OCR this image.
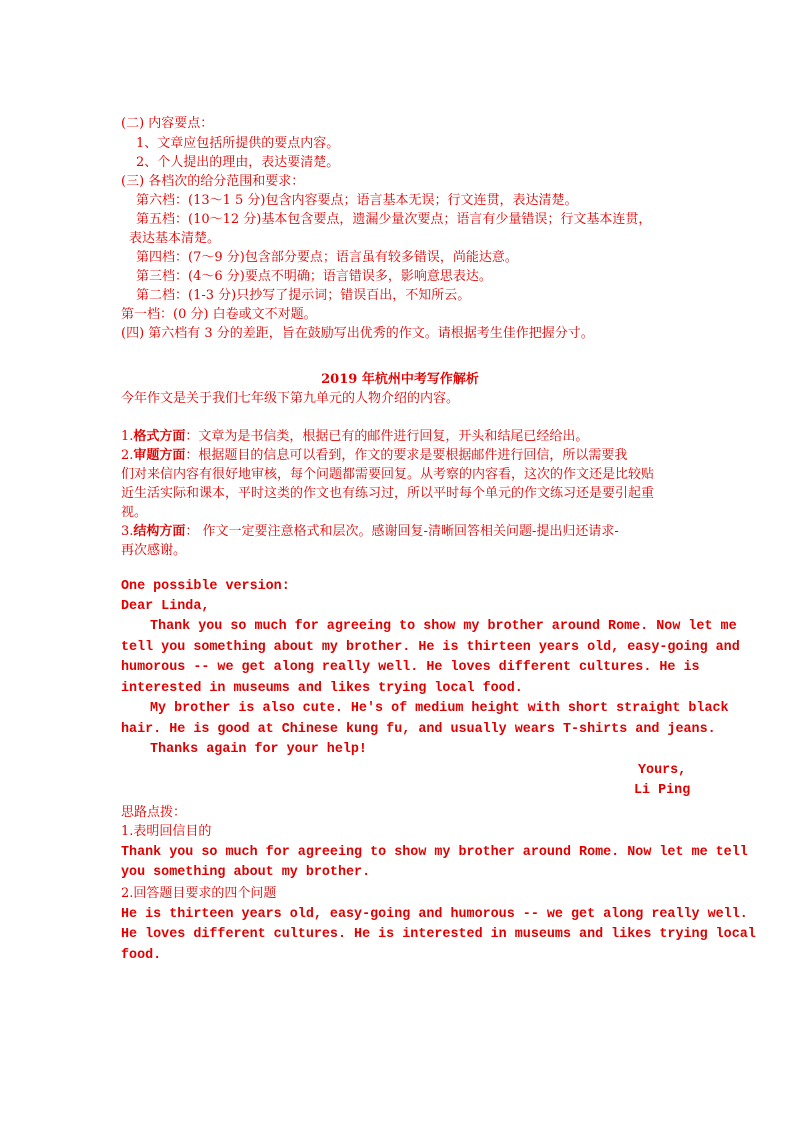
(二) 内容要点：
1、文章应包括所提供的要点内容。
2、个人提出的理由，表达要清楚。
(三) 各档次的给分范围和要求：
第六档：(13～1 5 分)包含内容要点；语言基本无误；行文连贯，表达清楚。
第五档：(10～12 分)基本包含要点，遗漏少量次要点；语言有少量错误；行文基本连贯，
表达基本清楚。
第四档：(7～9 分)包含部分要点；语言虽有较多错误，尚能达意。
第三档：(4～6 分)要点不明确；语言错误多，影响意思表达。
第二档：(1-3 分)只抄写了提示词；错误百出，不知所云。
第一档：(0 分) 白卷或文不对题。
(四) 第六档有 3 分的差距，旨在鼓励写出优秀的作文。请根据考生佳作把握分寸。
2019 年杭州中考写作解析
今年作文是关于我们七年级下第九单元的人物介绍的内容。
1.格式方面：文章为是书信类，根据已有的邮件进行回复，开头和结尾已经给出。
2.审题方面：根据题目的信息可以看到，作文的要求是要根据邮件进行回信，所以需要我
们对来信内容有很好地审核，每个问题都需要回复。从考察的内容看，这次的作文还是比较贴
近生活实际和课本，平时这类的作文也有练习过，所以平时每个单元的作文练习还是要引起重
视。
3.结构方面： 作文一定要注意格式和层次。感谢回复-清晰回答相关问题-提出归还请求-
再次感谢。
One possible version:
Dear Linda,
Thank you so much for agreeing to show my brother around Rome. Now let me
tell you something about my brother. He is thirteen years old, easy-going and
humorous -- we get along really well. He loves different cultures. He is
interested in museums and likes trying local food.
My brother is also cute. He's of medium height with short straight black
hair. He is good at Chinese kung fu, and usually wears T-shirts and jeans.
Thanks again for your help!
Yours,
Li Ping
思路点拨：
1.表明回信目的
Thank you so much for agreeing to show my brother around Rome. Now let me tell
you something about my brother.
2.回答题目要求的四个问题
He is thirteen years old, easy-going and humorous -- we get along really well.
He loves different cultures. He is interested in museums and likes trying local
food.
